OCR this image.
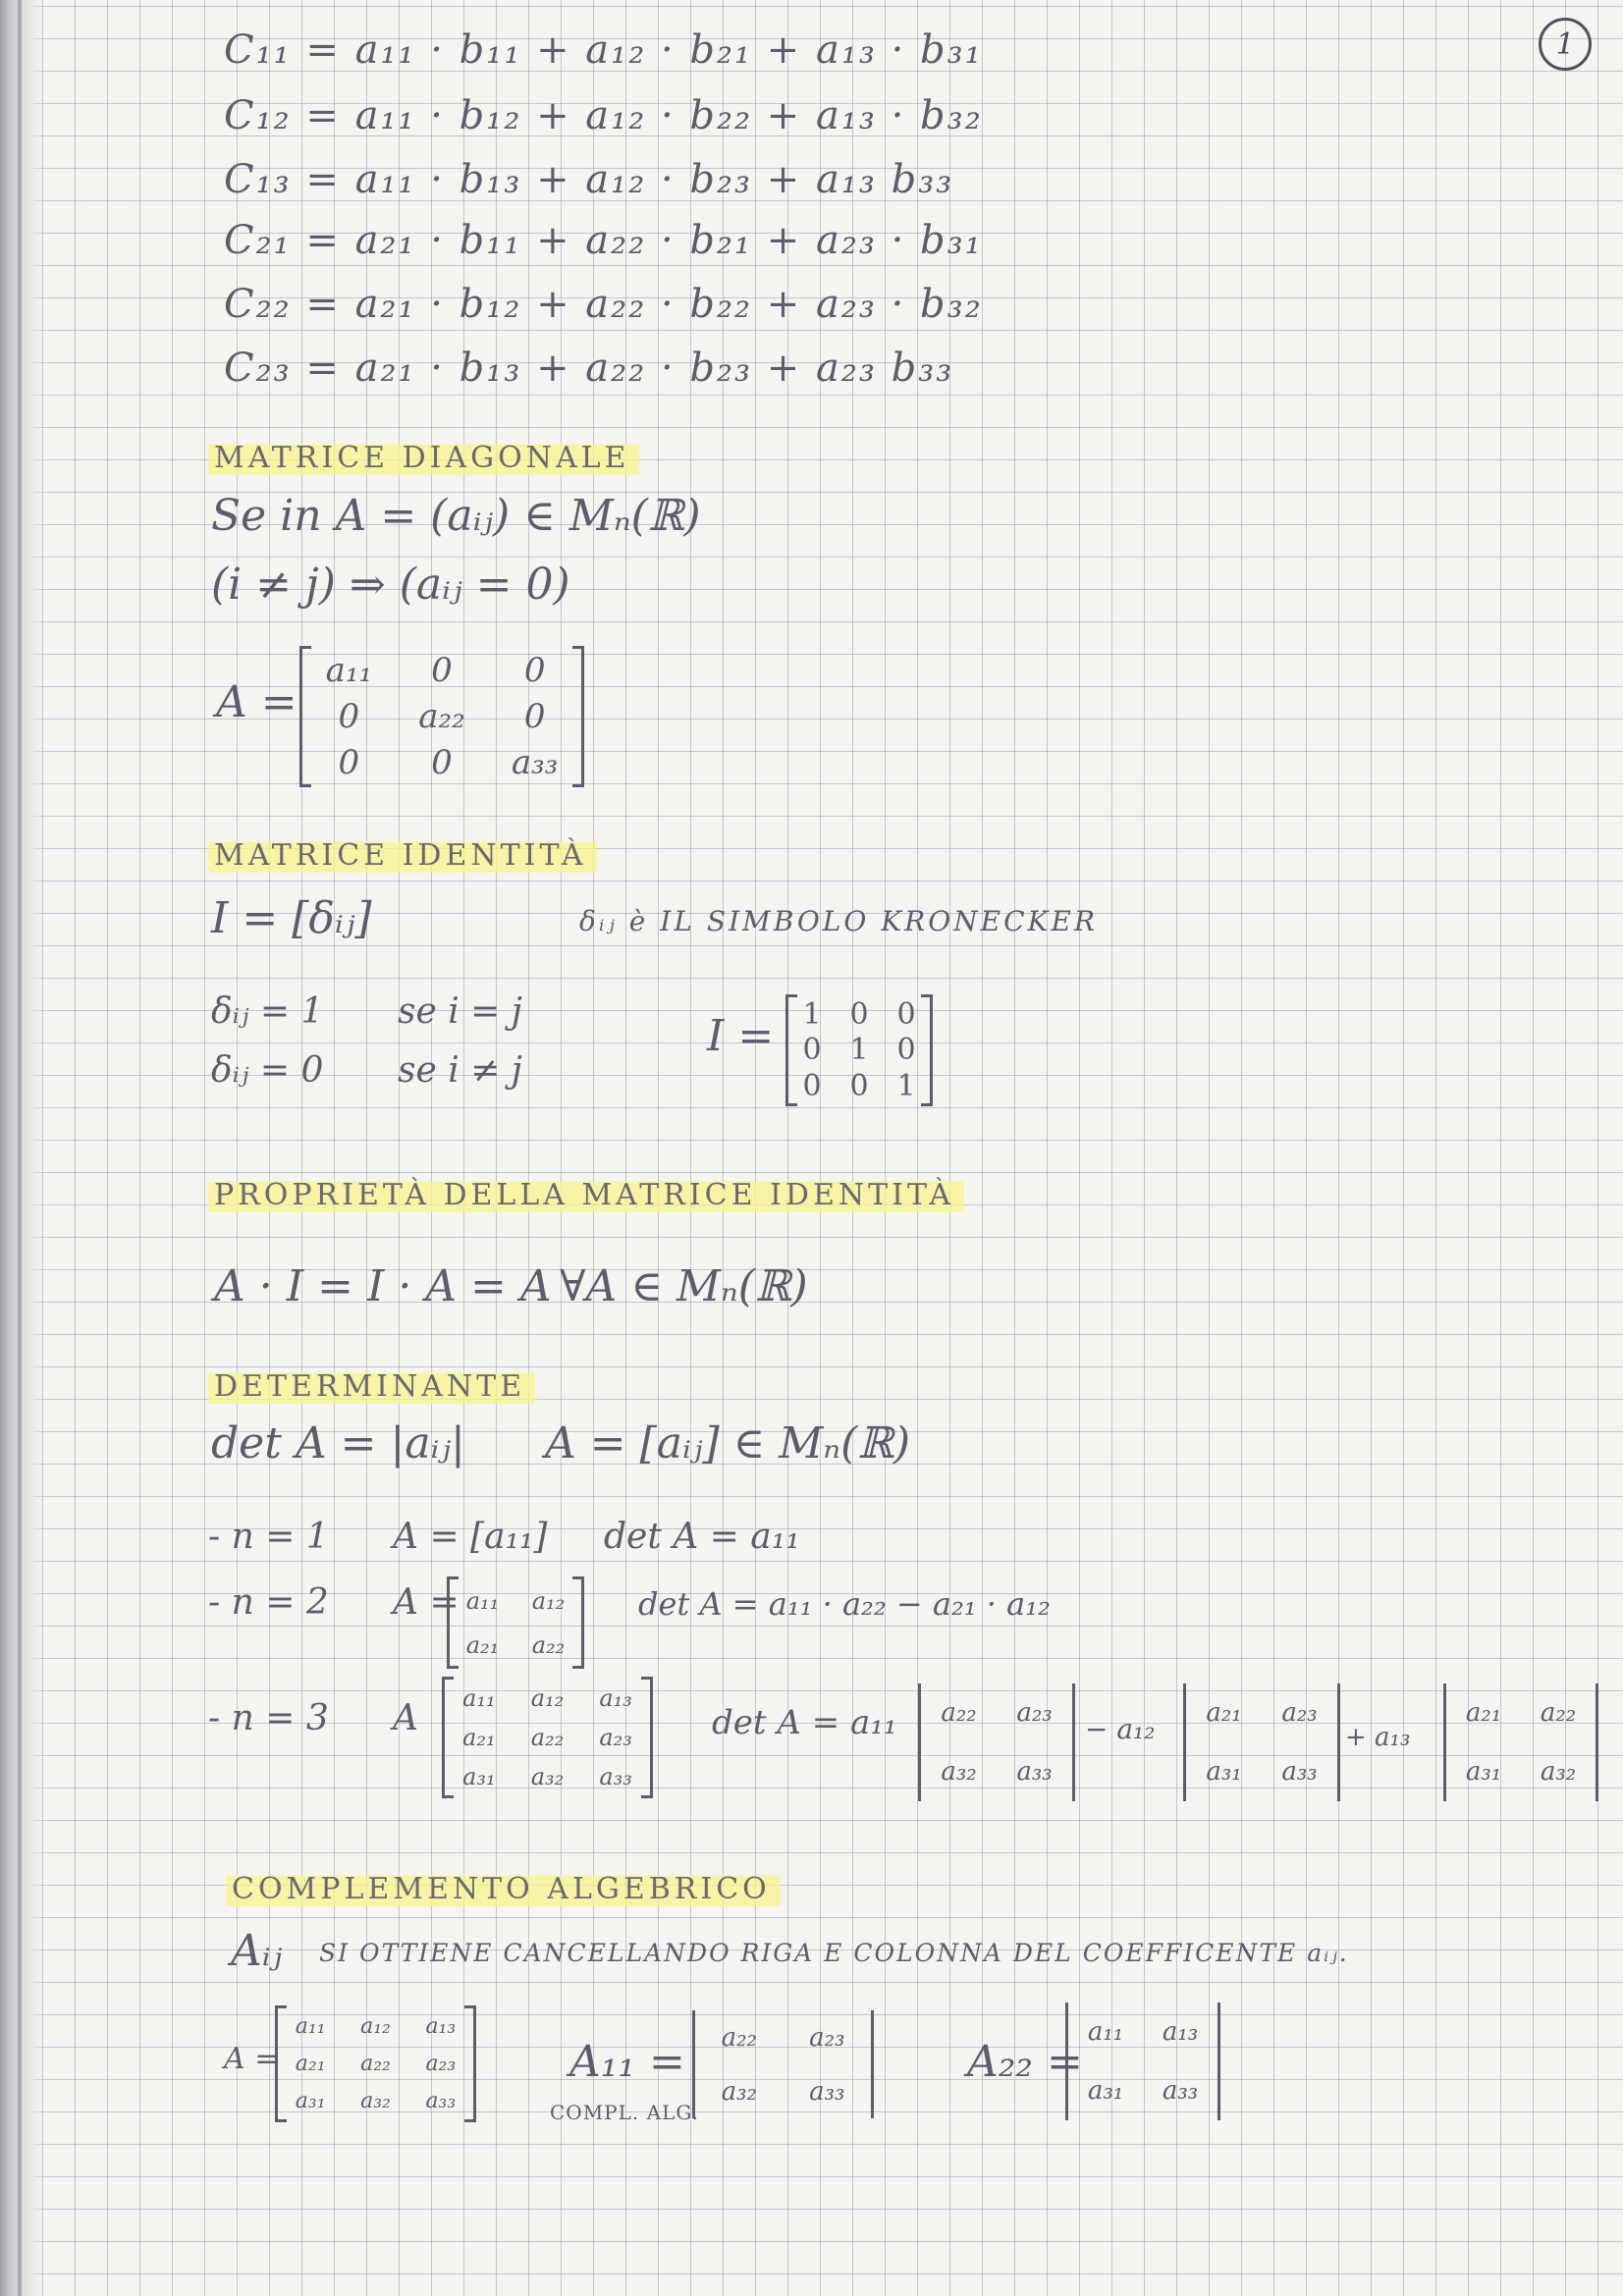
1
C₁₁ = a₁₁ · b₁₁ + a₁₂ · b₂₁ + a₁₃ · b₃₁
C₁₂ = a₁₁ · b₁₂ + a₁₂ · b₂₂ + a₁₃ · b₃₂
C₁₃ = a₁₁ · b₁₃ + a₁₂ · b₂₃ + a₁₃ b₃₃
C₂₁ = a₂₁ · b₁₁ + a₂₂ · b₂₁ + a₂₃ · b₃₁
C₂₂ = a₂₁ · b₁₂ + a₂₂ · b₂₂ + a₂₃ · b₃₂
C₂₃ = a₂₁ · b₁₃ + a₂₂ · b₂₃ + a₂₃ b₃₃
MATRICE DIAGONALE
Se in A = (aᵢⱼ) ∈ Mₙ(ℝ)
(i ≠ j) ⇒ (aᵢⱼ = 0)
A =
a₁₁ 0 0
0 a₂₂ 0
0 0 a₃₃
MATRICE IDENTITÀ
I = [δᵢⱼ]	δᵢⱼ è IL SIMBOLO KRONECKER
δᵢⱼ = 1 se i = j
δᵢⱼ = 0 se i ≠ j
I = 1 0 0
0 1 0
0 0 1
PROPRIETÀ DELLA MATRICE IDENTITÀ
A · I = I · A = A ∀A ∈ Mₙ(ℝ)
DETERMINANTE
det A = |aᵢⱼ| A = [aᵢⱼ] ∈ Mₙ(ℝ)
- n = 1 A = [a₁₁] det A = a₁₁
- n = 2 A = a₁₁ a₁₂
a₂₁ a₂₂
det A = a₁₁ · a₂₂ − a₂₁ · a₁₂
- n = 3 A a₁₁ a₁₂ a₁₃
a₂₁ a₂₂ a₂₃
a₃₁ a₃₂ a₃₃
det A = a₁₁ a₂₂ a₂₃
a₃₂ a₃₃
− a₁₂ a₂₁ a₂₃
a₃₁ a₃₃
+ a₁₃
a₂₁ a₂₂
a₃₁ a₃₂
COMPLEMENTO ALGEBRICO
Aᵢⱼ SI OTTIENE CANCELLANDO RIGA E COLONNA DEL COEFFICENTE aᵢⱼ.
A =
a₁₁ a₁₂ a₁₃
a₂₁ a₂₂ a₂₃
a₃₁ a₃₂ a₃₃
A₁₁ = a₂₂ a₂₃
a₃₂ a₃₃
COMPL. ALG.
A₂₂ =
a₁₁ a₁₃
a₃₁ a₃₃
